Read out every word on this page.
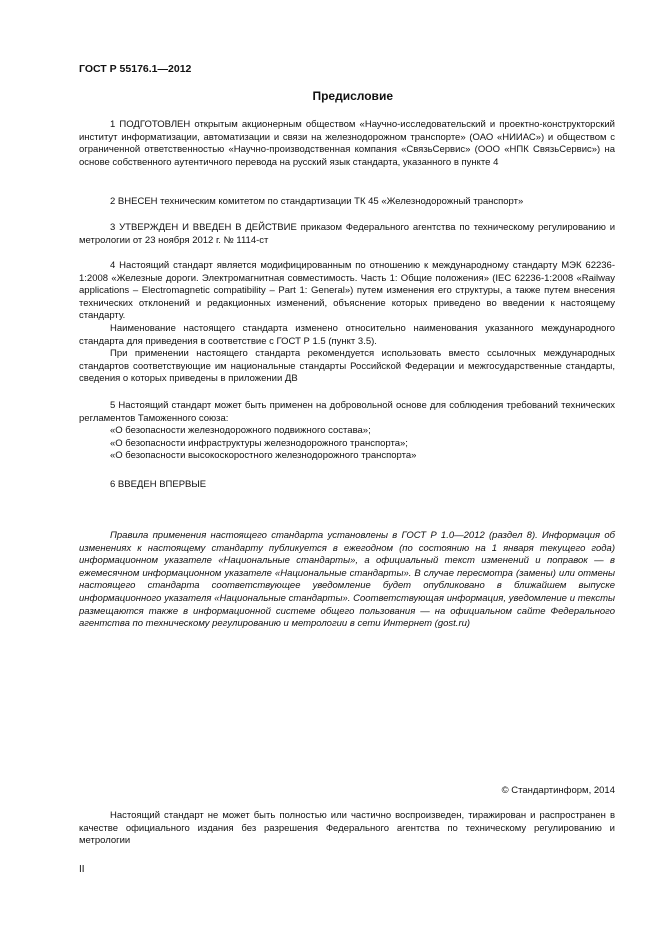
ГОСТ Р 55176.1—2012
Предисловие

1 ПОДГОТОВЛЕН открытым акционерным обществом «Научно-исследовательский и проектно-конструкторский институт информатизации, автоматизации и связи на железнодорожном транспорте» (ОАО «НИИАС») и обществом с ограниченной ответственностью «Научно-производственная компания «СвязьСервис» (ООО «НПК СвязьСервис») на основе собственного аутентичного перевода на русский язык стандарта, указанного в пункте 4

2 ВНЕСЕН техническим комитетом по стандартизации ТК 45 «Железнодорожный транспорт»

3 УТВЕРЖДЕН И ВВЕДЕН В ДЕЙСТВИЕ приказом Федерального агентства по техническому регулированию и метрологии от 23 ноября 2012 г. № 1114-ст

4 Настоящий стандарт является модифицированным по отношению к международному стандарту МЭК 62236-1:2008 «Железные дороги. Электромагнитная совместимость. Часть 1: Общие положения» (IEC 62236-1:2008 «Railway applications – Electromagnetic compatibility – Part 1: General») путем изменения его структуры, а также путем внесения технических отклонений и редакционных изменений, объяснение которых приведено во введении к настоящему стандарту.

Наименование настоящего стандарта изменено относительно наименования указанного международного стандарта для приведения в соответствие с ГОСТ Р 1.5 (пункт 3.5).

При применении настоящего стандарта рекомендуется использовать вместо ссылочных международных стандартов соответствующие им национальные стандарты Российской Федерации и межгосударственные стандарты, сведения о которых приведены в приложении ДВ

5 Настоящий стандарт может быть применен на добровольной основе для соблюдения требований технических регламентов Таможенного союза:

«О безопасности железнодорожного подвижного состава»;

«О безопасности инфраструктуры железнодорожного транспорта»;

«О безопасности высокоскоростного железнодорожного транспорта»

6 ВВЕДЕН ВПЕРВЫЕ

Правила применения настоящего стандарта установлены в ГОСТ Р 1.0—2012 (раздел 8). Информация об изменениях к настоящему стандарту публикуется в ежегодном (по состоянию на 1 января текущего года) информационном указателе «Национальные стандарты», а официальный текст изменений и поправок — в ежемесячном информационном указателе «Национальные стандарты». В случае пересмотра (замены) или отмены настоящего стандарта соответствующее уведомление будет опубликовано в ближайшем выпуске информационного указателя «Национальные стандарты». Соответствующая информация, уведомление и тексты размещаются также в информационной системе общего пользования — на официальном сайте Федерального агентства по техническому регулированию и метрологии в сети Интернет (gost.ru)

© Стандартинформ, 2014

Настоящий стандарт не может быть полностью или частично воспроизведен, тиражирован и распространен в качестве официального издания без разрешения Федерального агентства по техническому регулированию и метрологии

II
